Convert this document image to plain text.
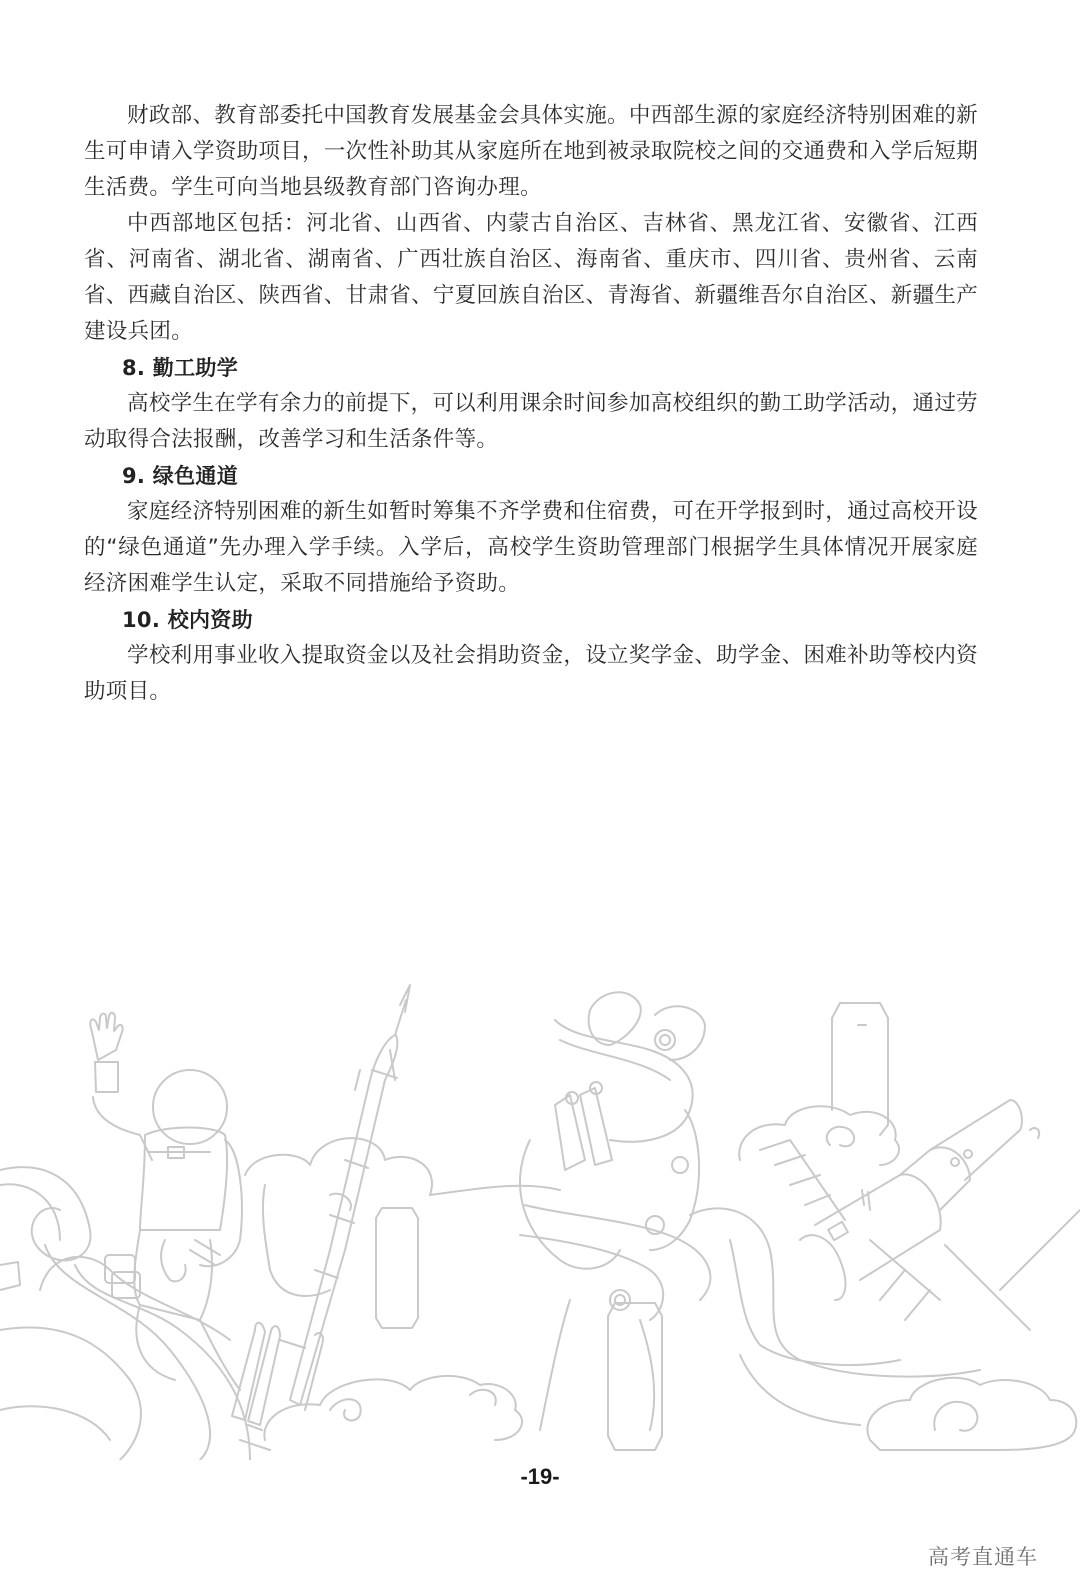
财政部、教育部委托中国教育发展基金会具体实施。中西部生源的家庭经济特别困难的新生可申请入学资助项目，一次性补助其从家庭所在地到被录取院校之间的交通费和入学后短期生活费。学生可向当地县级教育部门咨询办理。

中西部地区包括：河北省、山西省、内蒙古自治区、吉林省、黑龙江省、安徽省、江西省、河南省、湖北省、湖南省、广西壮族自治区、海南省、重庆市、四川省、贵州省、云南省、西藏自治区、陕西省、甘肃省、宁夏回族自治区、青海省、新疆维吾尔自治区、新疆生产建设兵团。

8. 勤工助学

高校学生在学有余力的前提下，可以利用课余时间参加高校组织的勤工助学活动，通过劳动取得合法报酬，改善学习和生活条件等。

9. 绿色通道

家庭经济特别困难的新生如暂时筹集不齐学费和住宿费，可在开学报到时，通过高校开设的“绿色通道”先办理入学手续。入学后，高校学生资助管理部门根据学生具体情况开展家庭经济困难学生认定，采取不同措施给予资助。

10. 校内资助

学校利用事业收入提取资金以及社会捐助资金，设立奖学金、助学金、困难补助等校内资助项目。

-19-
高考直通车
